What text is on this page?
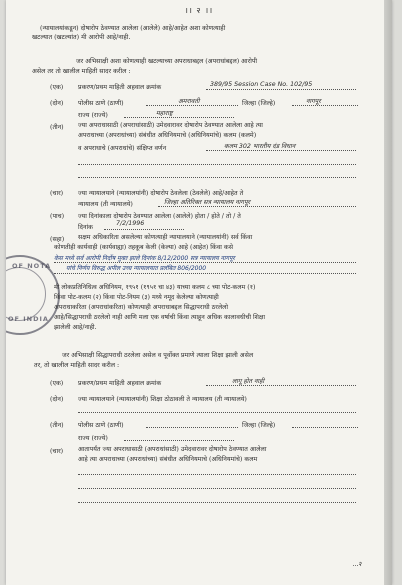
।। २ ।।
(न्यायालयांकडून) दोषारोप ठेवण्यात आलेला (आलेले) आहे/आहेत अशा कोणत्याही
खटल्यात (खटल्यांत) मी आरोपी आहे/नाही.
जर अभिसाक्षी अशा कोणत्याही खटल्याच्या अपराधाबद्दल (अपराधांबद्दल) आरोपी
असेल तर तो खालील माहिती सादर करील :
(एक) प्रकरण/प्रथम माहिती अहवाल क्रमांक	389/95 Session Case No. 102/95
(दोन) पोलीस ठाणे (ठाणी)	अमरावती	जिल्हा (जिल्हे)	नागपूर
राज्य (राज्ये)	महाराष्ट्र
(तीन)	ज्या अपराधासाठी (अपराधांसाठी) उमेदवारावर दोषारोप ठेवण्यात आलेला आहे त्या
अपराधाच्या (अपराधांच्या) संबंधीत अधिनियमाचे (अधिनियमांचे) कलम (कलमे)
व अपराधाचे (अपराधांचे) संक्षिप्त वर्णन	कलम 302 भारतीय दंड विधान
(चार) ज्या न्यायालयाने (न्यायालयांनी) दोषारोप ठेवलेला (ठेवलेले) आहे/आहेत ते
न्यायालय (ती न्यायालये)	जिल्हा अतिरिक्त सत्र न्यायालय नागपूर
(पाच) ज्या दिनांकाला दोषारोप ठेवण्यात आलेला (आलेले) होता / होते / तो / ते
दिनांक
7/2/1996
(सहा)	सक्षम अधिकारिता असलेल्या कोणत्याही न्यायालयाने (न्यायालयांनी) सर्व किंवा
कोणतीही कार्यवाही (कार्यवाह्या) तहकूब केली (केल्या) आहे (आहेत) किंवा कसे
केस मध्ये सर्व आरोपी निर्दोष मुक्त झाले दिनांक 8/12/2000 सत्र न्यायालय नागपूर
यांचे निर्णय विरुद्ध अपील उच्च न्यायालयात प्रलंबित 806/2000
OF NOTA
OF INDIA
मी लोकप्रतिनिधित्व अधिनियम, १९५१ (१९५१ चा ४३) याच्या कलम ८ च्या पोट-कलम (१)
किंवा पोट-कलम (२) किंवा पोट-नियम (३) मध्ये नमूद केलेल्या कोणत्याही
अपराधाकरिता (अपराधांकरिता) कोणत्याही अपराधाबद्दल सिद्धापराधी ठरलेलो
आहे/सिद्धापराधी ठरलेलो नाही आणि मला एक वर्षाची किंवा त्याहून अधिक कालावधीची शिक्षा
झालेली आहे/नाही.
जर अभिसाक्षी सिद्धापराधी ठरलेला असेल व पूर्वोक्त प्रमाणे त्याला शिक्षा झाली असेल
तर, तो खालील माहिती सादर करील :
(एक) प्रकरण/प्रथम माहिती अहवाल क्रमांक	लागू होत नाही
(दोन) ज्या न्यायालयाने (न्यायालयांनी) शिक्षा ठोठावली ते न्यायालय (ती न्यायालये)
(तीन) पोलीस ठाणे (ठाणी)	जिल्हा (जिल्हे)
राज्य (राज्ये)
(चार)	आतापर्यंत ज्या अपराधासाठी (अपराधांसाठी) उमेदवारावर दोषारोप ठेवण्यात आलेला
आहे त्या अपराधाच्या (अपराधांच्या) संबंधीत अधिनियमाचे (अधिनियमांचे) कलम
...२
